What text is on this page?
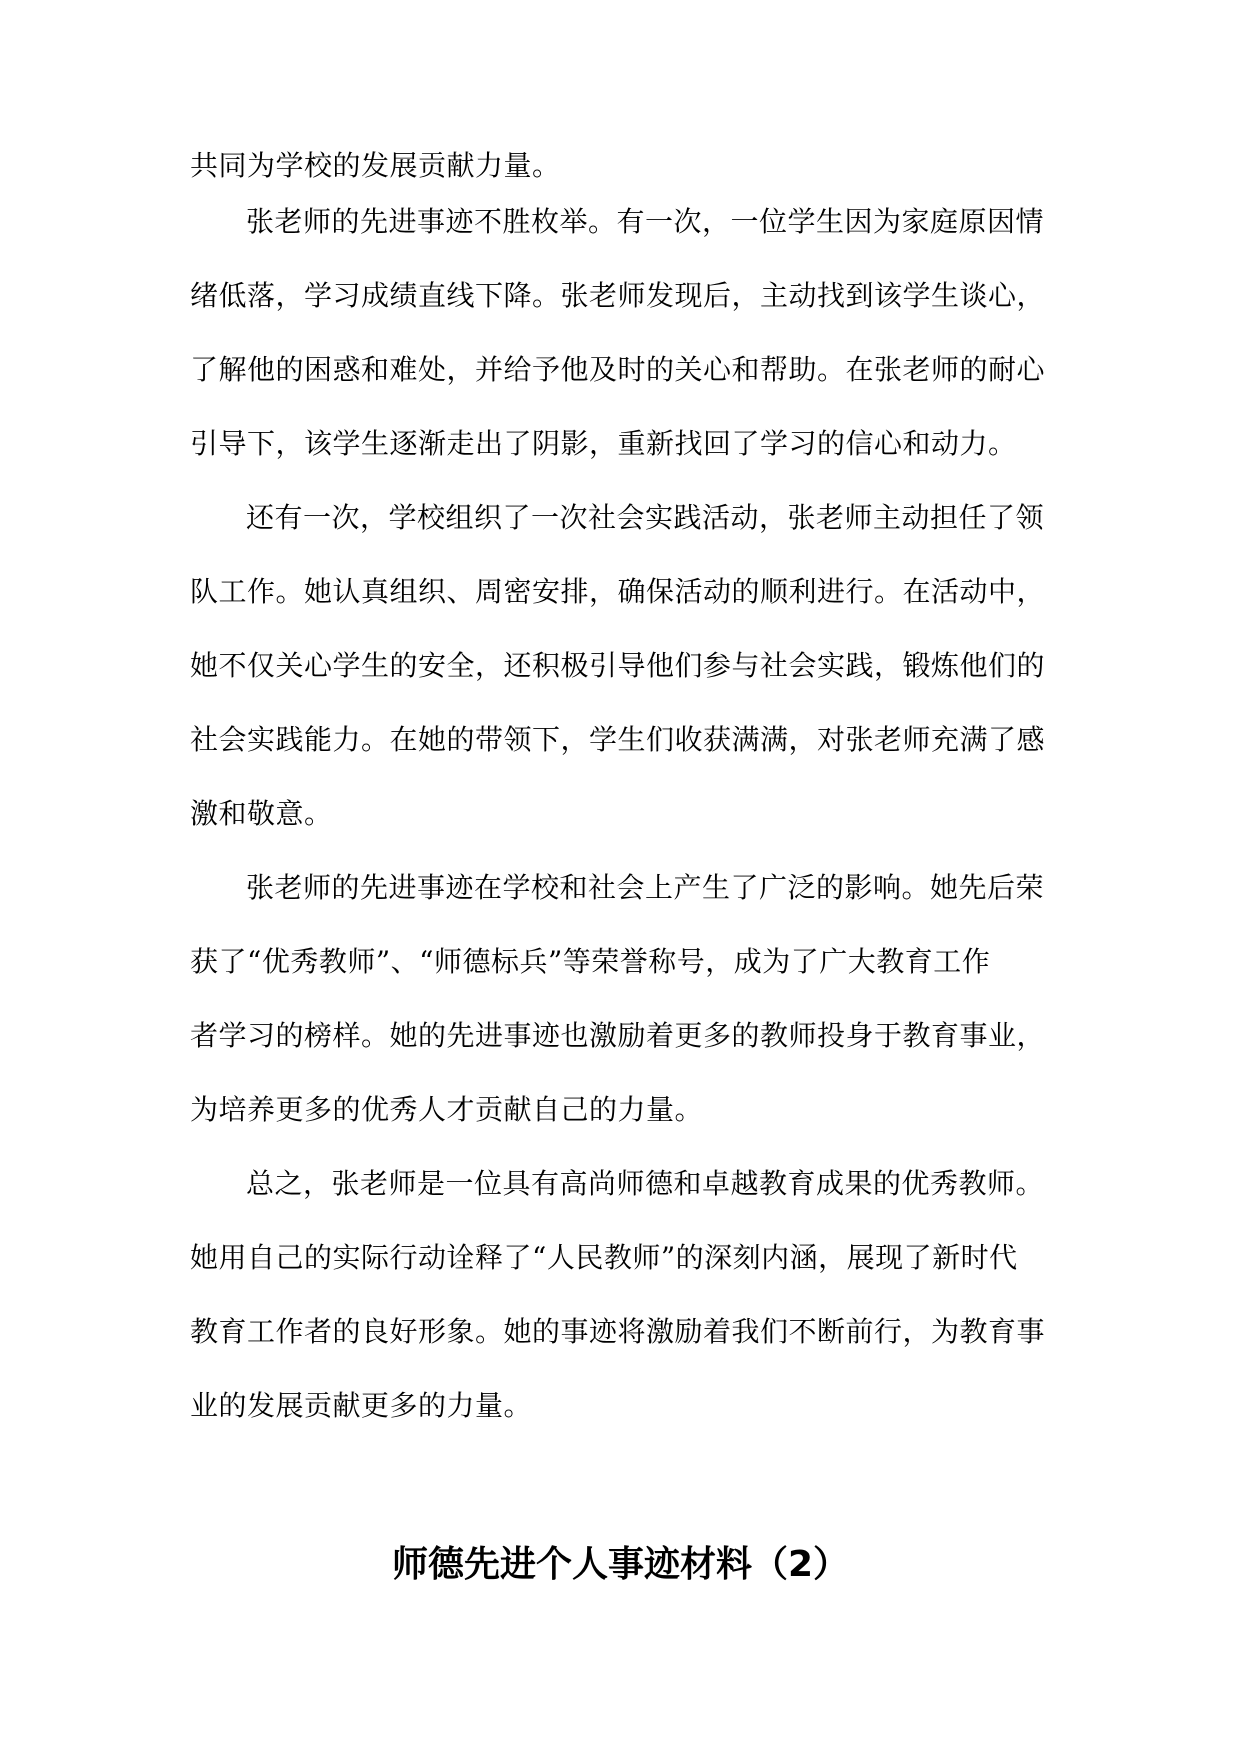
共同为学校的发展贡献力量。
张老师的先进事迹不胜枚举。有一次，一位学生因为家庭原因情
绪低落，学习成绩直线下降。张老师发现后，主动找到该学生谈心，
了解他的困惑和难处，并给予他及时的关心和帮助。在张老师的耐心
引导下，该学生逐渐走出了阴影，重新找回了学习的信心和动力。
还有一次，学校组织了一次社会实践活动，张老师主动担任了领
队工作。她认真组织、周密安排，确保活动的顺利进行。在活动中，
她不仅关心学生的安全，还积极引导他们参与社会实践，锻炼他们的
社会实践能力。在她的带领下，学生们收获满满，对张老师充满了感
激和敬意。
张老师的先进事迹在学校和社会上产生了广泛的影响。她先后荣
获了“优秀教师”、“师德标兵”等荣誉称号，成为了广大教育工作
者学习的榜样。她的先进事迹也激励着更多的教师投身于教育事业，
为培养更多的优秀人才贡献自己的力量。
总之，张老师是一位具有高尚师德和卓越教育成果的优秀教师。
她用自己的实际行动诠释了“人民教师”的深刻内涵，展现了新时代
教育工作者的良好形象。她的事迹将激励着我们不断前行，为教育事
业的发展贡献更多的力量。
师德先进个人事迹材料（2）
